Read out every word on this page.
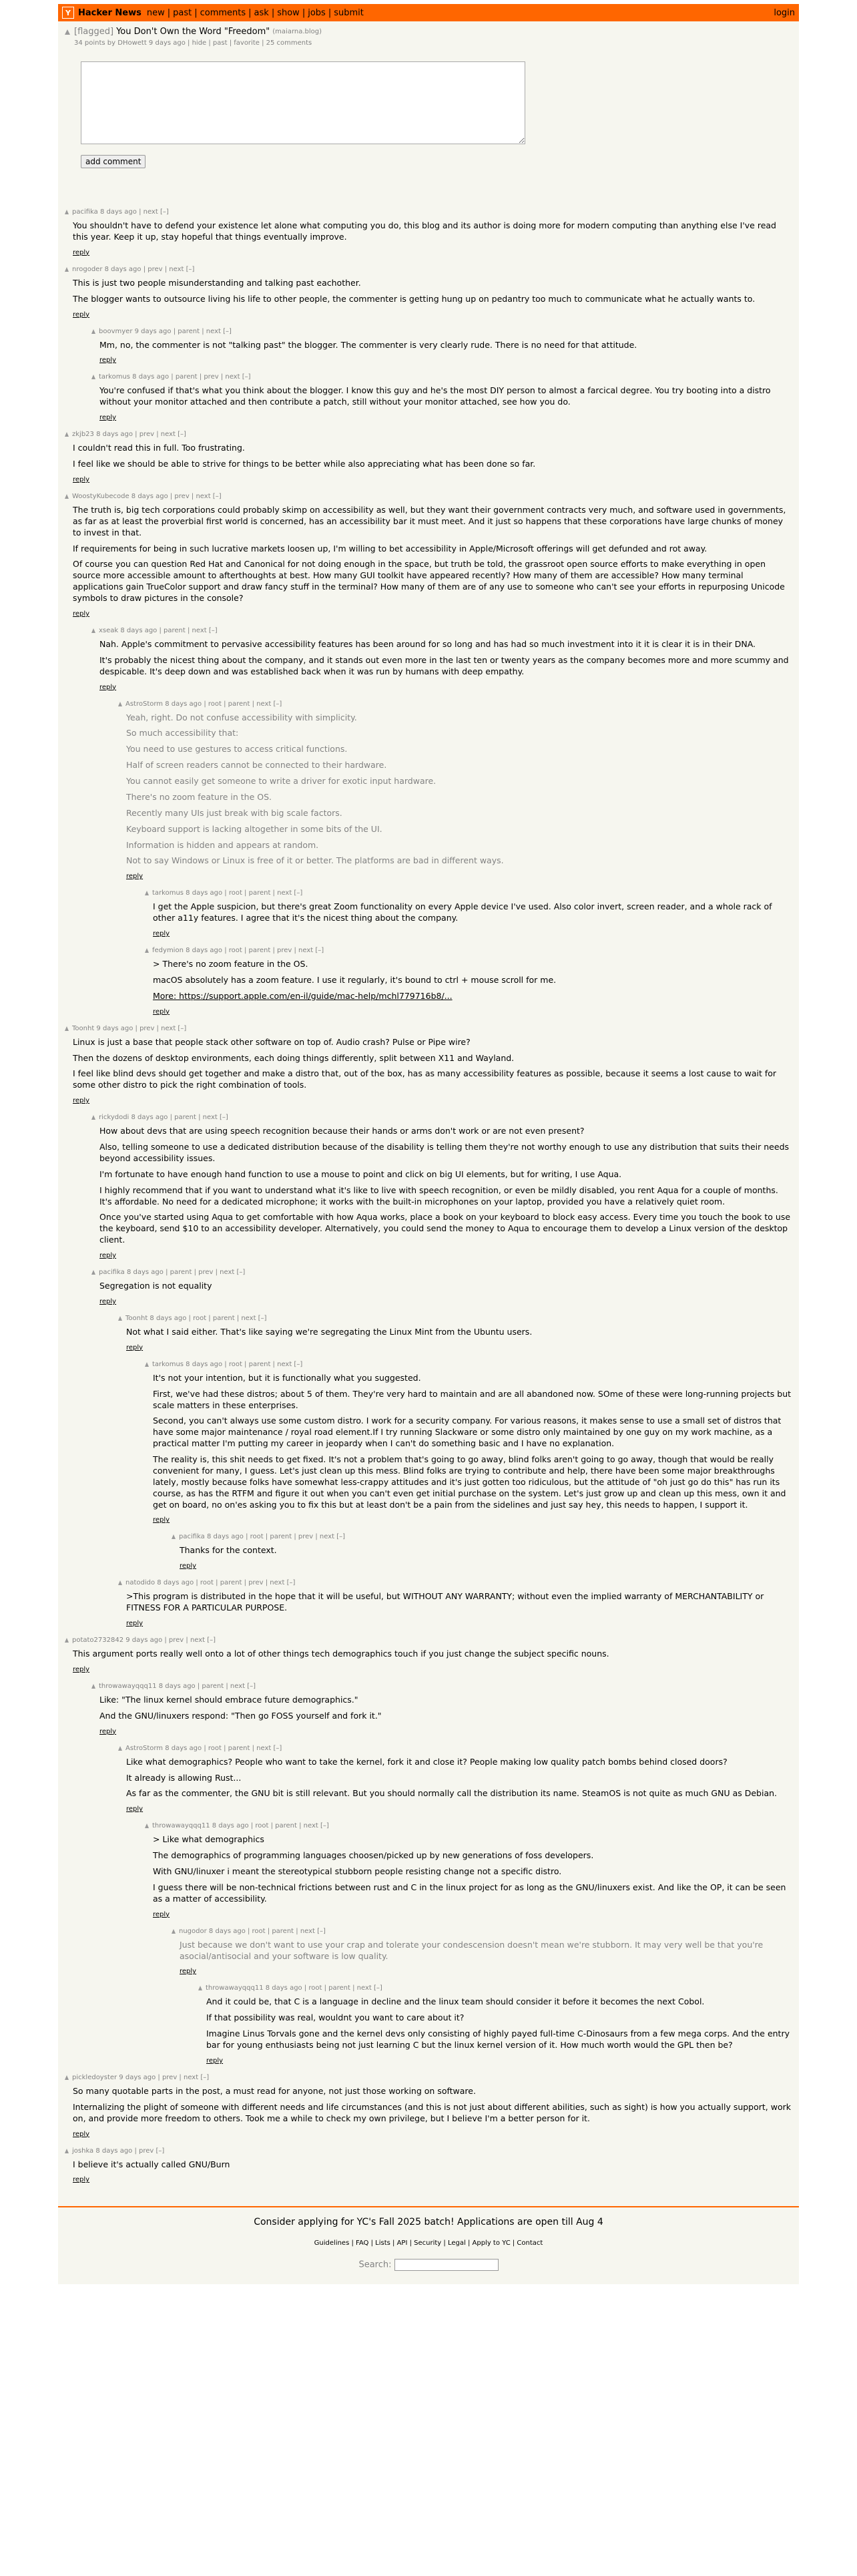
Y Hacker News new | past | comments | ask | show | jobs | submit	login
[flagged] You Don't Own the Word "Freedom" (maiarna.blog)
34 points by DHowett 9 days ago | hide | past | favorite | 25 comments
add comment
pacifika 8 days ago | next [–]

You shouldn't have to defend your existence let alone what computing you do, this blog and its author is doing more for modern computing than anything else I've read this year. Keep it up, stay hopeful that things eventually improve.

reply
nrogoder 8 days ago | prev | next [–]

This is just two people misunderstanding and talking past eachother.

The blogger wants to outsource living his life to other people, the commenter is getting hung up on pedantry too much to communicate what he actually wants to.

reply
boovmyer 9 days ago | parent | next [–]

Mm, no, the commenter is not "talking past" the blogger. The commenter is very clearly rude. There is no need for that attitude.

reply
tarkomus 8 days ago | parent | prev | next [–]

You're confused if that's what you think about the blogger. I know this guy and he's the most DIY person to almost a farcical degree. You try booting into a distro without your monitor attached and then contribute a patch, still without your monitor attached, see how you do.

reply
zkjb23 8 days ago | prev | next [–]

I couldn't read this in full. Too frustrating.

I feel like we should be able to strive for things to be better while also appreciating what has been done so far.

reply
WoostyKubecode 8 days ago | prev | next [–]

The truth is, big tech corporations could probably skimp on accessibility as well, but they want their government contracts very much, and software used in governments, as far as at least the proverbial first world is concerned, has an accessibility bar it must meet. And it just so happens that these corporations have large chunks of money to invest in that.

If requirements for being in such lucrative markets loosen up, I'm willing to bet accessibility in Apple/Microsoft offerings will get defunded and rot away.

Of course you can question Red Hat and Canonical for not doing enough in the space, but truth be told, the grassroot open source efforts to make everything in open source more accessible amount to afterthoughts at best. How many GUI toolkit have appeared recently? How many of them are accessible? How many terminal applications gain TrueColor support and draw fancy stuff in the terminal? How many of them are of any use to someone who can't see your efforts in repurposing Unicode symbols to draw pictures in the console?

reply
xseak 8 days ago | parent | next [–]

Nah. Apple's commitment to pervasive accessibility features has been around for so long and has had so much investment into it it is clear it is in their DNA.

It's probably the nicest thing about the company, and it stands out even more in the last ten or twenty years as the company becomes more and more scummy and despicable. It's deep down and was established back when it was run by humans with deep empathy.

reply
AstroStorm 8 days ago | root | parent | next [–]

Yeah, right. Do not confuse accessibility with simplicity.

So much accessibility that:

You need to use gestures to access critical functions.

Half of screen readers cannot be connected to their hardware.

You cannot easily get someone to write a driver for exotic input hardware.

There's no zoom feature in the OS.

Recently many UIs just break with big scale factors.

Keyboard support is lacking altogether in some bits of the UI.

Information is hidden and appears at random.

Not to say Windows or Linux is free of it or better. The platforms are bad in different ways.

reply
tarkomus 8 days ago | root | parent | next [–]

I get the Apple suspicion, but there's great Zoom functionality on every Apple device I've used. Also color invert, screen reader, and a whole rack of other a11y features. I agree that it's the nicest thing about the company.

reply
fedymion 8 days ago | root | parent | prev | next [–]

> There's no zoom feature in the OS.

macOS absolutely has a zoom feature. I use it regularly, it's bound to ctrl + mouse scroll for me.

More: https://support.apple.com/en-il/guide/mac-help/mchl779716b8/...

reply
Toonht 9 days ago | prev | next [–]

Linux is just a base that people stack other software on top of. Audio crash? Pulse or Pipe wire?

Then the dozens of desktop environments, each doing things differently, split between X11 and Wayland.

I feel like blind devs should get together and make a distro that, out of the box, has as many accessibility features as possible, because it seems a lost cause to wait for some other distro to pick the right combination of tools.

reply
rickydodi 8 days ago | parent | next [–]

How about devs that are using speech recognition because their hands or arms don't work or are not even present?

Also, telling someone to use a dedicated distribution because of the disability is telling them they're not worthy enough to use any distribution that suits their needs beyond accessibility issues.

I'm fortunate to have enough hand function to use a mouse to point and click on big UI elements, but for writing, I use Aqua.

I highly recommend that if you want to understand what it's like to live with speech recognition, or even be mildly disabled, you rent Aqua for a couple of months. It's affordable. No need for a dedicated microphone; it works with the built-in microphones on your laptop, provided you have a relatively quiet room.

Once you've started using Aqua to get comfortable with how Aqua works, place a book on your keyboard to block easy access. Every time you touch the book to use the keyboard, send $10 to an accessibility developer. Alternatively, you could send the money to Aqua to encourage them to develop a Linux version of the desktop client.

reply
pacifika 8 days ago | parent | prev | next [–]

Segregation is not equality

reply
Toonht 8 days ago | root | parent | next [–]

Not what I said either. That's like saying we're segregating the Linux Mint from the Ubuntu users.

reply
tarkomus 8 days ago | root | parent | next [–]

It's not your intention, but it is functionally what you suggested.

First, we've had these distros; about 5 of them. They're very hard to maintain and are all abandoned now. SOme of these were long-running projects but scale matters in these enterprises.

Second, you can't always use some custom distro. I work for a security company. For various reasons, it makes sense to use a small set of distros that have some major maintenance / royal road element.If I try running Slackware or some distro only maintained by one guy on my work machine, as a practical matter I'm putting my career in jeopardy when I can't do something basic and I have no explanation.

The reality is, this shit needs to get fixed. It's not a problem that's going to go away, blind folks aren't going to go away, though that would be really convenient for many, I guess. Let's just clean up this mess. Blind folks are trying to contribute and help, there have been some major breakthroughs lately, mostly because folks have somewhat less-crappy attitudes and it's just gotten too ridiculous, but the attitude of "oh just go do this" has run its course, as has the RTFM and figure it out when you can't even get initial purchase on the system. Let's just grow up and clean up this mess, own it and get on board, no on'es asking you to fix this but at least don't be a pain from the sidelines and just say hey, this needs to happen, I support it.

reply
pacifika 8 days ago | root | parent | prev | next [–]

Thanks for the context.

reply
natodido 8 days ago | root | parent | prev | next [–]

>This program is distributed in the hope that it will be useful, but WITHOUT ANY WARRANTY; without even the implied warranty of MERCHANTABILITY or FITNESS FOR A PARTICULAR PURPOSE.

reply
potato2732842 9 days ago | prev | next [–]

This argument ports really well onto a lot of other things tech demographics touch if you just change the subject specific nouns.

reply
throwawayqqq11 8 days ago | parent | next [–]

Like: "The linux kernel should embrace future demographics."

And the GNU/linuxers respond: "Then go FOSS yourself and fork it."

reply
AstroStorm 8 days ago | root | parent | next [–]

Like what demographics? People who want to take the kernel, fork it and close it? People making low quality patch bombs behind closed doors?

It already is allowing Rust...

As far as the commenter, the GNU bit is still relevant. But you should normally call the distribution its name. SteamOS is not quite as much GNU as Debian.

reply
throwawayqqq11 8 days ago | root | parent | next [–]

> Like what demographics

The demographics of programming languages choosen/picked up by new generations of foss developers.

With GNU/linuxer i meant the stereotypical stubborn people resisting change not a specific distro.

I guess there will be non-technical frictions between rust and C in the linux project for as long as the GNU/linuxers exist. And like the OP, it can be seen as a matter of accessibility.

reply
nugodor 8 days ago | root | parent | next [–]

Just because we don't want to use your crap and tolerate your condescension doesn't mean we're stubborn. It may very well be that you're asocial/antisocial and your software is low quality.

reply
throwawayqqq11 8 days ago | root | parent | next [–]

And it could be, that C is a language in decline and the linux team should consider it before it becomes the next Cobol.

If that possibility was real, wouldnt you want to care about it?

Imagine Linus Torvals gone and the kernel devs only consisting of highly payed full-time C-Dinosaurs from a few mega corps. And the entry bar for young enthusiasts being not just learning C but the linux kernel version of it. How much worth would the GPL then be?

reply
pickledoyster 9 days ago | prev | next [–]

So many quotable parts in the post, a must read for anyone, not just those working on software.

Internalizing the plight of someone with different needs and life circumstances (and this is not just about different abilities, such as sight) is how you actually support, work on, and provide more freedom to others. Took me a while to check my own privilege, but I believe I'm a better person for it.

reply
joshka 8 days ago | prev [–]

I believe it's actually called GNU/Burn

reply
Consider applying for YC's Fall 2025 batch! Applications are open till Aug 4
Guidelines | FAQ | Lists | API | Security | Legal | Apply to YC | Contact
Search:
